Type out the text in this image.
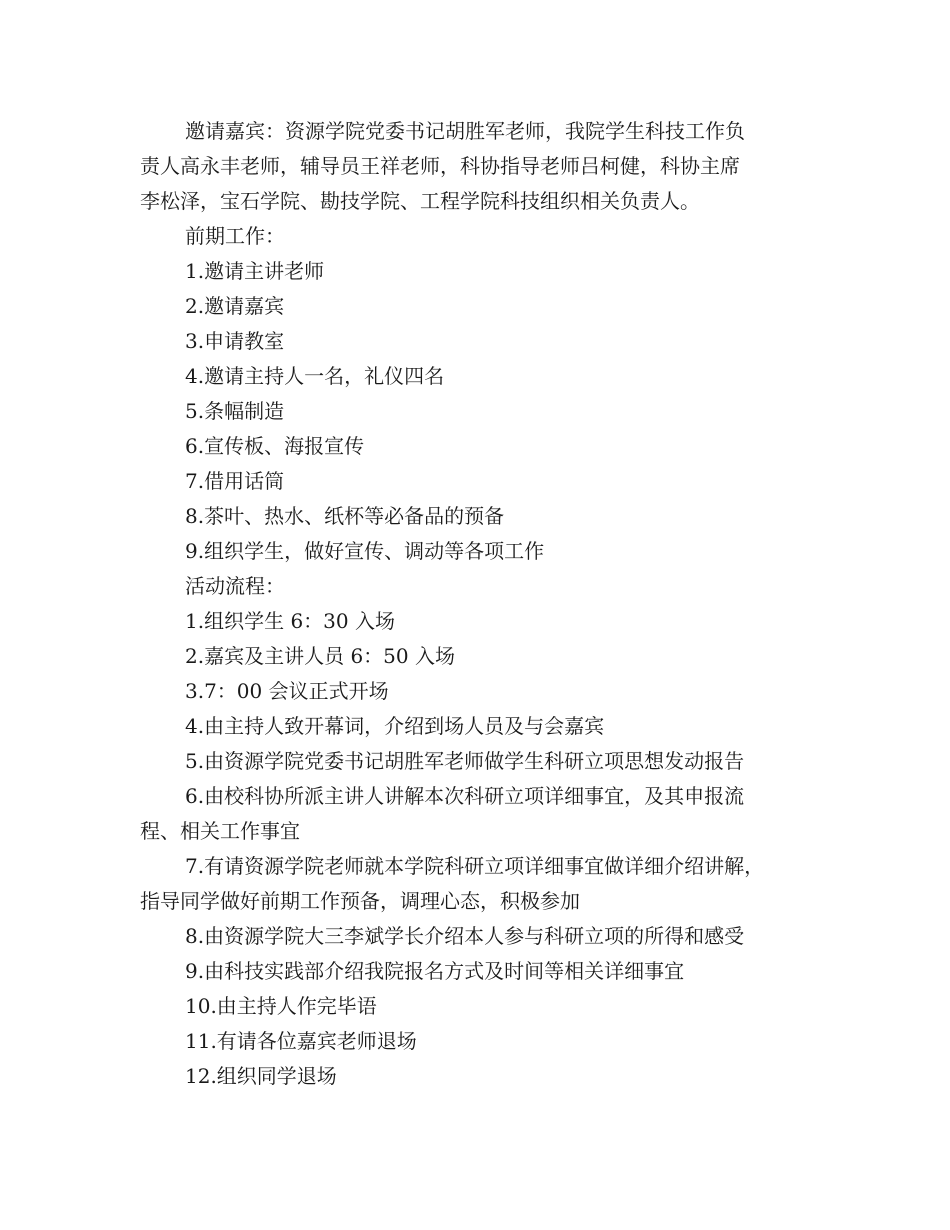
邀请嘉宾：资源学院党委书记胡胜军老师，我院学生科技工作负
责人高永丰老师，辅导员王祥老师，科协指导老师吕柯健，科协主席
李松泽，宝石学院、勘技学院、工程学院科技组织相关负责人。
前期工作：
1.邀请主讲老师
2.邀请嘉宾
3.申请教室
4.邀请主持人一名，礼仪四名
5.条幅制造
6.宣传板、海报宣传
7.借用话筒
8.茶叶、热水、纸杯等必备品的预备
9.组织学生，做好宣传、调动等各项工作
活动流程：
1.组织学生 6：30 入场
2.嘉宾及主讲人员 6：50 入场
3.7：00 会议正式开场
4.由主持人致开幕词，介绍到场人员及与会嘉宾
5.由资源学院党委书记胡胜军老师做学生科研立项思想发动报告
6.由校科协所派主讲人讲解本次科研立项详细事宜，及其申报流
程、相关工作事宜
7.有请资源学院老师就本学院科研立项详细事宜做详细介绍讲解，
指导同学做好前期工作预备，调理心态，积极参加
8.由资源学院大三李斌学长介绍本人参与科研立项的所得和感受
9.由科技实践部介绍我院报名方式及时间等相关详细事宜
10.由主持人作完毕语
11.有请各位嘉宾老师退场
12.组织同学退场
